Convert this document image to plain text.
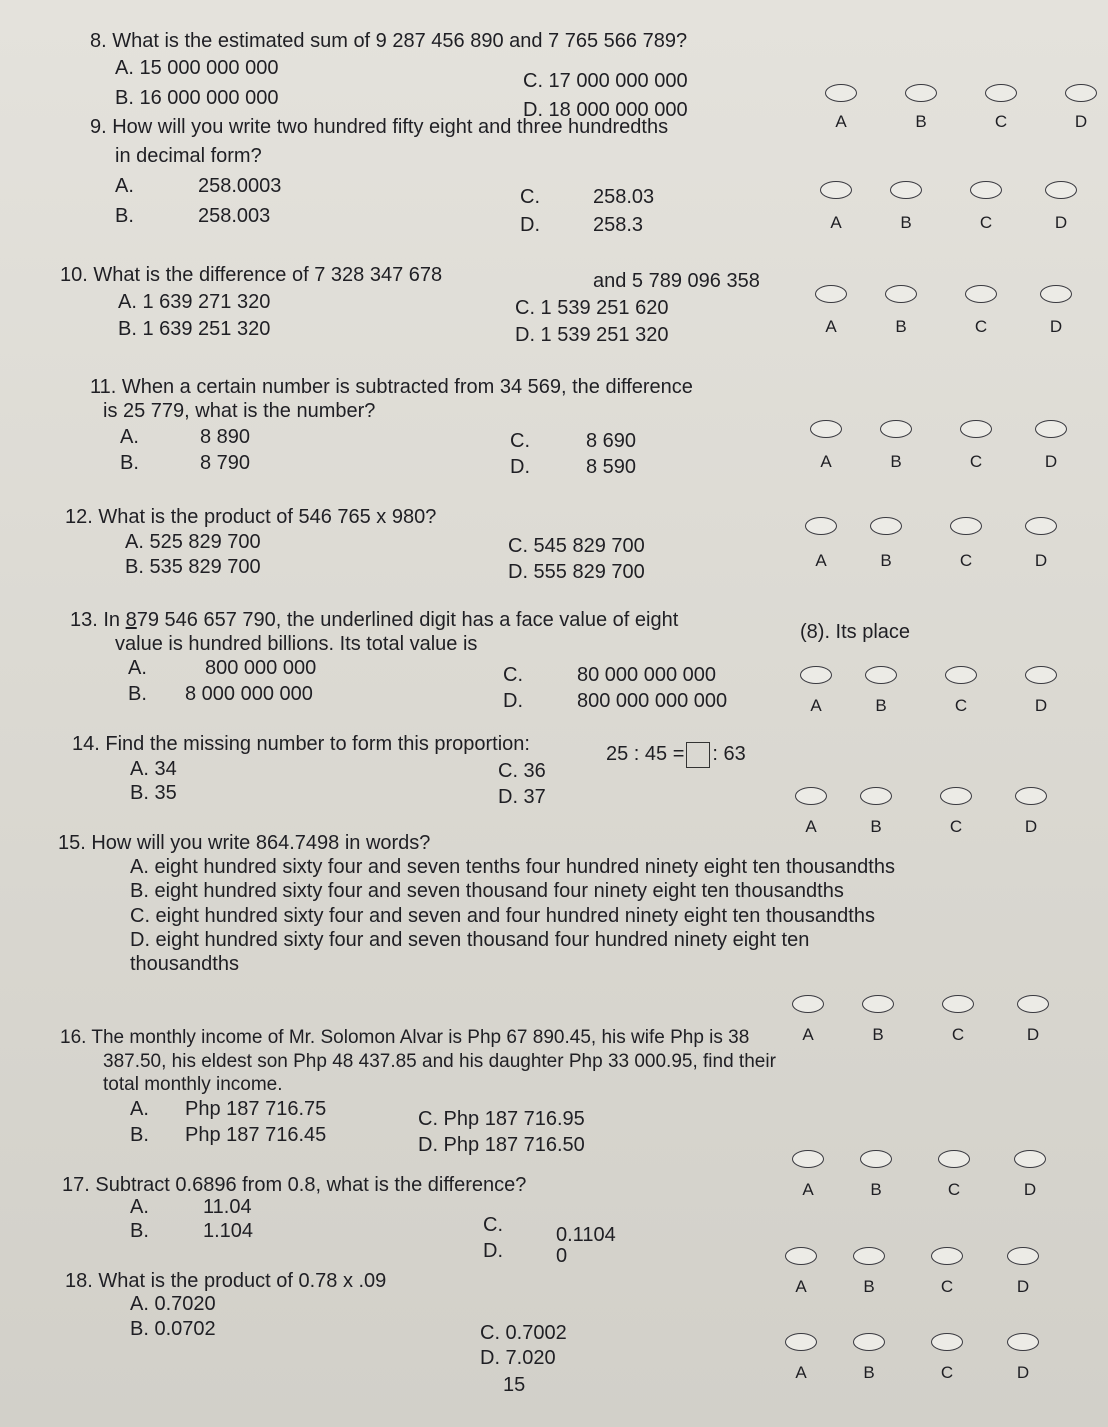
8. What is the estimated sum of 9 287 456 890 and 7 765 566 789?
A. 15 000 000 000
B. 16 000 000 000
C. 17 000 000 000
D. 18 000 000 000
A	B	C	D
9. How will you write two hundred fifty eight and three hundredths
in decimal form?
A.	258.0003
B.	258.003
C.	258.03
D.	258.3	A	B	C	D
10. What is the difference of 7 328 347 678	and 5 789 096 358
A. 1 639 271 320
B. 1 639 251 320
C. 1 539 251 620
D. 1 539 251 320	A	B	C	D
11. When a certain number is subtracted from 34 569, the difference
is 25 779, what is the number?
A.	8 890
B.	8 790
C.	8 690
D.	8 590	A	B	C	D
12. What is the product of 546 765 x 980?
A. 525 829 700
B. 535 829 700
C. 545 829 700
D. 555 829 700
A	B	C	D
13. In 879 546 657 790, the underlined digit has a face value of eight
(8). Its place
value is hundred billions. Its total value is
A.	800 000 000
B. 8 000 000 000
C.	80 000 000 000
D.	800 000 000 000	A	B	C	D
14. Find the missing number to form this proportion:	25 : 45 = : 63
A. 34
B. 35
C. 36
D. 37
A	B	C	D
15. How will you write 864.7498 in words?
A. eight hundred sixty four and seven tenths four hundred ninety eight ten thousandths
B. eight hundred sixty four and seven thousand four ninety eight ten thousandths
C. eight hundred sixty four and seven and four hundred ninety eight ten thousandths
D. eight hundred sixty four and seven thousand four hundred ninety eight ten
thousandths
A	B	C	D
16. The monthly income of Mr. Solomon Alvar is Php 67 890.45, his wife Php is 38
387.50, his eldest son Php 48 437.85 and his daughter Php 33 000.95, find their
total monthly income.
A. Php 187 716.75
B. Php 187 716.45
C. Php 187 716.95
D. Php 187 716.50
A	B	C	D
17. Subtract 0.6896 from 0.8, what is the difference?
A.	11.04
B.	1.104	C.	0.1104
D.	0
A	B	C	D
18. What is the product of 0.78 x .09
A. 0.7020
B. 0.0702	C. 0.7002
D. 7.020
A	B	C	D
15
